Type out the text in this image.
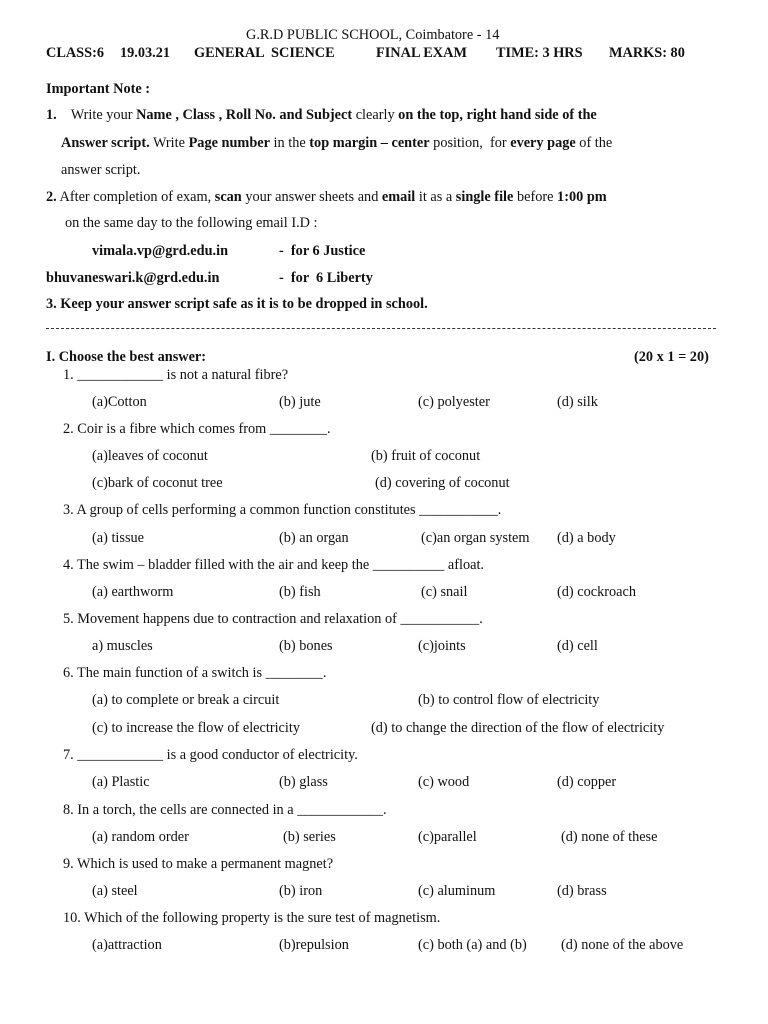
G.R.D PUBLIC SCHOOL, Coimbatore - 14
CLASS:6 19.03.21 GENERAL  SCIENCE	FINAL EXAM TIME: 3 HRS MARKS: 80
Important Note :
1. Write your Name , Class , Roll No. and Subject clearly on the top, right hand side of the
Answer script. Write Page number in the top margin – center position,  for every page of the
answer script.
2. After completion of exam, scan your answer sheets and email it as a single file before 1:00 pm
on the same day to the following email I.D :
vimala.vp@grd.edu.in	-  for 6 Justice
bhuvaneswari.k@grd.edu.in	-  for  6 Liberty
3. Keep your answer script safe as it is to be dropped in school.
I. Choose the best answer:	(20 x 1 = 20)
1. ____________ is not a natural fibre?
(a)Cotton	(b) jute	(c) polyester	(d) silk
2. Coir is a fibre which comes from ________.
(a)leaves of coconut	(b) fruit of coconut
(c)bark of coconut tree	(d) covering of coconut
3. A group of cells performing a common function constitutes ___________.
(a) tissue	(b) an organ	(c)an organ system (d) a body
4. The swim – bladder filled with the air and keep the __________ afloat.
(a) earthworm	(b) fish	(c) snail	(d) cockroach
5. Movement happens due to contraction and relaxation of ___________.
a) muscles	(b) bones	(c)joints	(d) cell
6. The main function of a switch is ________.
(a) to complete or break a circuit	(b) to control flow of electricity
(c) to increase the flow of electricity	(d) to change the direction of the flow of electricity
7. ____________ is a good conductor of electricity.
(a) Plastic	(b) glass	(c) wood	(d) copper
8. In a torch, the cells are connected in a ____________.
(a) random order	(b) series	(c)parallel	(d) none of these
9. Which is used to make a permanent magnet?
(a) steel	(b) iron	(c) aluminum	(d) brass
10. Which of the following property is the sure test of magnetism.
(a)attraction	(b)repulsion	(c) both (a) and (b) (d) none of the above
